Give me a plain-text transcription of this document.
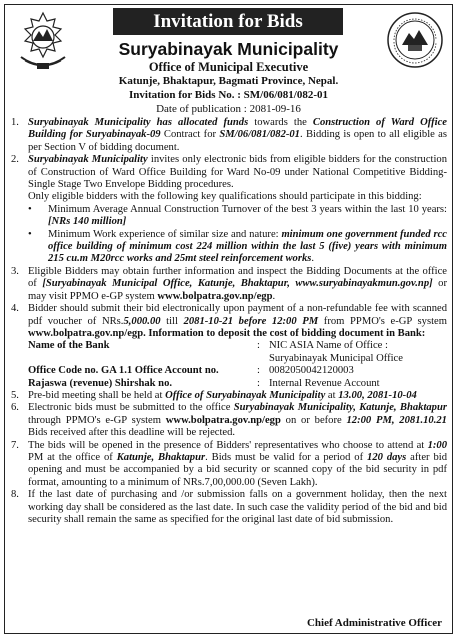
Invitation for Bids
Suryabinayak Municipality
Office of Municipal Executive
Katunje, Bhaktapur, Bagmati Province, Nepal.
Invitation for Bids No. : SM/06/081/082-01
Date of publication : 2081-09-16
1. Suryabinayak Municipality has allocated funds towards the Construction of Ward Office Building for Suryabinayak-09 Contract for SM/06/081/082-01. Bidding is open to all eligible as per Section V of bidding document.
2. Suryabinayak Municipality invites only electronic bids from eligible bidders for the construction of Construction of Ward Office Building for Ward No-09 under National Competitive Bidding-Single Stage Two Envelope Bidding procedures.
Only eligible bidders with the following key qualifications should participate in this bidding:
•	Minimum Average Annual Construction Turnover of the best 3 years within the last 10 years: [NRs 140 million]
•	Minimum Work experience of similar size and nature: minimum one government funded rcc office building of minimum cost 224 million within the last 5 (five) years with minimum 215 cu.m M20rcc works and 25mt steel reinforcement works.
3. Eligible Bidders may obtain further information and inspect the Bidding Documents at the office of [Suryabinayak Municipal Office, Katunje, Bhaktapur, www.suryabinayakmun.gov.np] or may visit PPMO e-GP system www.bolpatra.gov.np/egp.
4. Bidder should submit their bid electronically upon payment of a non-refundable fee with scanned pdf voucher of NRs.5,000.00 till 2081-10-21 before 12:00 PM from PPMO's e-GP system www.bolpatra.gov.np/egp. Information to deposit the cost of bidding document in Bank:
Name of the Bank	: NIC ASIA Name of Office : Suryabinayak Municipal Office
Office Code no. GA 1.1 Office Account no.	: 0082050042120003
Rajaswa (revenue) Shirshak no.	: Internal Revenue Account
5. Pre-bid meeting shall be held at Office of Suryabinayak Municipality at 13.00, 2081-10-04
6. Electronic bids must be submitted to the office Suryabinayak Municipality, Katunje, Bhaktapur through PPMO's e-GP system www.bolpatra.gov.np/egp on or before 12:00 PM, 2081.10.21 Bids received after this deadline will be rejected.
7. The bids will be opened in the presence of Bidders' representatives who choose to attend at 1:00 PM at the office of Katunje, Bhaktapur. Bids must be valid for a period of 120 days after bid opening and must be accompanied by a bid security or scanned copy of the bid security in pdf format, amounting to a minimum of NRs.7,00,000.00 (Seven Lakh).
8. If the last date of purchasing and /or submission falls on a government holiday, then the next working day shall be considered as the last date. In such case the validity period of the bid and bid security shall remain the same as specified for the original last date of bid submission.
Chief Administrative Officer
